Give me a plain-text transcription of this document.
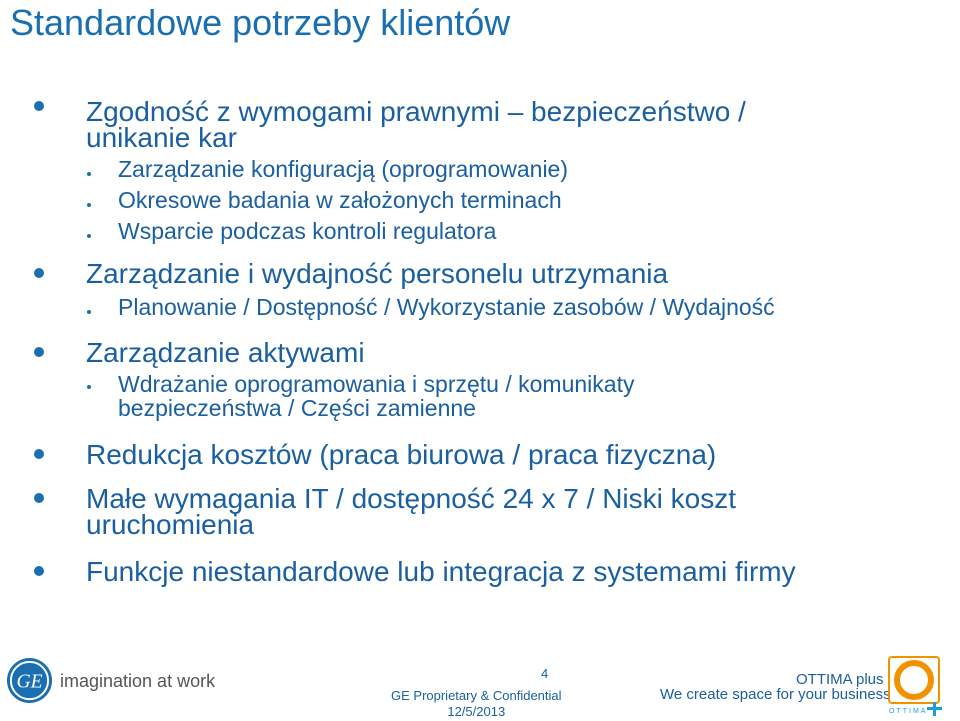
Standardowe potrzeby klientów
Zgodność z wymogami prawnymi – bezpieczeństwo /
unikanie kar
Zarządzanie konfiguracją (oprogramowanie)
Okresowe badania w założonych terminach
Wsparcie podczas kontroli regulatora
Zarządzanie i wydajność personelu utrzymania
Planowanie / Dostępność / Wykorzystanie zasobów / Wydajność
Zarządzanie aktywami
Wdrażanie oprogramowania i sprzętu / komunikaty
bezpieczeństwa / Części zamienne
Redukcja kosztów (praca biurowa / praca fizyczna)
Małe wymagania IT / dostępność 24 x 7 / Niski koszt
uruchomienia
Funkcje niestandardowe lub integracja z systemami firmy
GE imagination at work	4
GE Proprietary & Confidential
12/5/2013
OTTIMA plus
We create space for your business
OTTIMA
